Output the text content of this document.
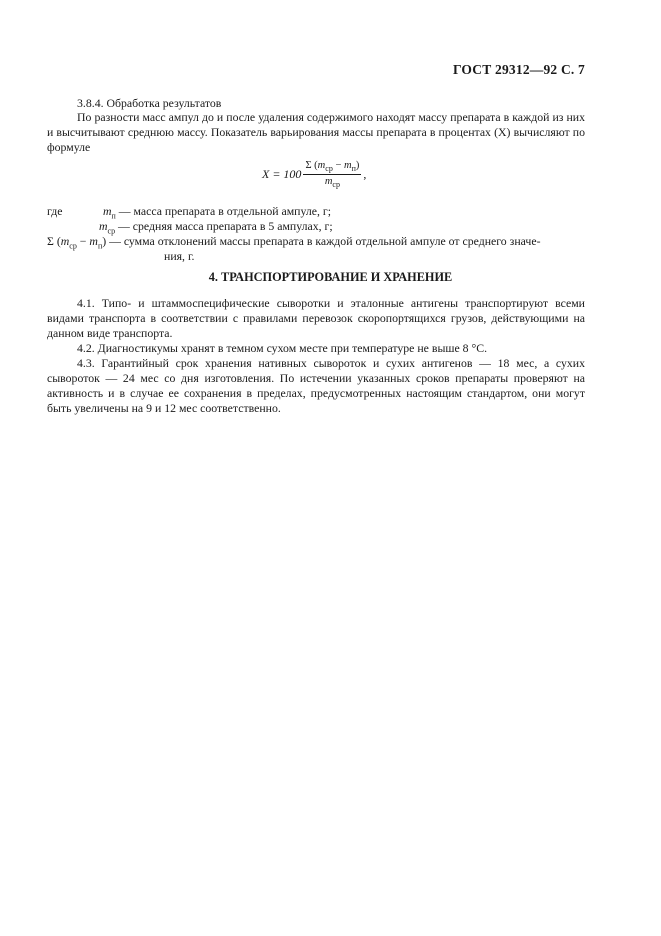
ГОСТ 29312—92 С. 7
3.8.4. Обработка результатов
По разности масс ампул до и после удаления содержимого находят массу препарата в каждой из них и высчитывают среднюю массу. Показатель варьирования массы препарата в процентах (Х) вычисляют по формуле
$X = 100 \frac{\Sigma (m_{ср} - m_п)}{m_{ср}}$ ,
где	$m_п$ — масса препарата в отдельной ампуле, г;
$m_{ср}$ — средняя масса препарата в 5 ампулах, г;
Σ $(m_{ср} - m_п)$ — сумма отклонений массы препарата в каждой отдельной ампуле от среднего значе-
ния, г.
4. ТРАНСПОРТИРОВАНИЕ И ХРАНЕНИЕ
4.1. Типо- и штаммоспецифические сыворотки и эталонные антигены транспортируют всеми видами транспорта в соответствии с правилами перевозок скоропортящихся грузов, действующими на данном виде транспорта.
4.2. Диагностикумы хранят в темном сухом месте при температуре не выше 8 °С.
4.3. Гарантийный срок хранения нативных сывороток и сухих антигенов — 18 мес, а сухих сывороток — 24 мес со дня изготовления. По истечении указанных сроков препараты проверяют на активность и в случае ее сохранения в пределах, предусмотренных настоящим стандартом, они могут быть увеличены на 9 и 12 мес соответственно.
